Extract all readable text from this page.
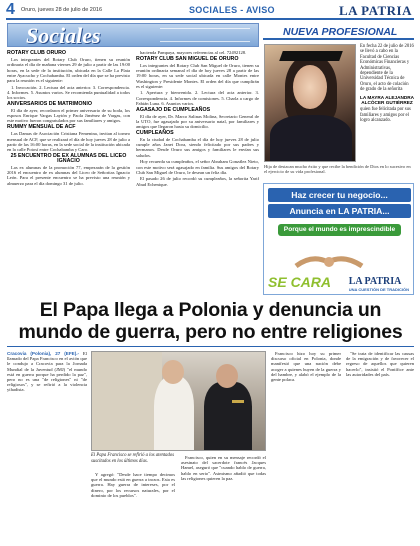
4 Oruro, jueves 28 de julio de 2016	SOCIALES - AVISO	LA PATRIA
Sociales
ROTARY CLUB ORURO

Los integrantes del Rotary Club Oruro, tienen su reunión ordinaria el día de mañana viernes 29 de julio a partir de las 19:00 horas, en la sede de la institución, ubicada en la Calle La Plata entre Ayacucho y Cochabamba. El orden del día que se ha previsto para la reunión es el siguiente:

1. Invocación. 2. Lectura del acta anterior. 3. Correspondencia. 4. Informes. 5. Asuntos varios. Se recomienda puntualidad a todos los socios.

ANIVERSARIOS DE MATRIMONIO

El día de ayer, recordaron el primer aniversario de su boda, los esposos Enrique Vargas Laytón y Paola Jiménez de Vargas, con este motivo fueron congratulados por sus familiares y amigos.

RUMMY MENSUAL DE ACF

Las Damas de Asociación Cristiana Femenina, invitan al torneo mensual de ACF, que se realizará el día de hoy jueves 28 de julio a partir de las 16:00 horas, en la sede social de la institución ubicada en la calle Potosí entre Cochabamba y Caro.

25 ENCUENTRO DE EX ALUMNAS DEL LICEO IGNACIO

Las ex alumnas de la promoción 77, empezarán de la gestión 2016 el encuentro de ex alumnas del Liceo de Señoritas Ignacio León. Para el presente encuentro se ha previsto una reunión y almuerzo para el día domingo 31 de julio.

hacienda Pampaya, mayores referencias al cel. 72492128.

ROTARY CLUB SAN MIGUEL DE ORURO

Los integrantes del Rotary Club San Miguel de Oruro, tienen su reunión ordinaria semanal el día de hoy jueves 28 a partir de las 19:00 horas, en su sede social ubicada en calle Montes entre Washington y Presidente Montes. El orden del día que cumplirán es el siguiente:

1. Apertura y bienvenida. 2. Lectura del acta anterior. 3. Correspondencia. 4. Informes de comisiones. 5. Charla a cargo de Fabián Luna. 6. Asuntos varios.

AGASAJO DE CUMPLEAÑOS

El día de ayer, Dr. Marco Salinas Molina, Secretario General de la UTO, fue agasajado por su aniversario natal, por familiares y amigos que llegaron hasta su domicilio.

CUMPLEAÑOS

En la ciudad de Cochabamba el día de hoy jueves 28 de julio cumple años Janet Dora, siendo felicitado por sus padres y hermanos. Desde Oruro sus amigos y familiares le envían sus saludos.

Hoy recuerda su cumpleaños, el señor Abraham González Nieto, con este motivo será agasajado en familia. Sus amigos del Rotary Club San Miguel de Oruro, le desean un feliz día.

El pasado 26 de julio recordó su cumpleaños, la señorita Yarif Abud Echenique.

NUEVA PROFESIONAL
En fecha 22 de julio de 2016 se llevó a cabo en la Facultad de Ciencias Económicas Financieras y Administrativas, dependiente de la Universidad Técnica de Oruro, el acto de colación de grado de la señorita
LA MAYRA ALEJANDRA ALCÓCER GUTIÉRREZ
quien fue felicitada por sus familiares y amigos por el logro alcanzado.
Hija de destacan mucho éxito y que recibe la bendición de Dios en lo sucesivo en el ejercicio de su vida profesional.
Haz crecer tu negocio...
Anuncia en LA PATRIA...
Porque el mundo es imprescindible
SE CARA LA PATRIA
UNA CUESTIÓN DE TRADICIÓN
El Papa llega a Polonia y denuncia un mundo de guerra, pero no entre religiones

Cracovia (Polonia), 27 (EFE).- El llamado del Papa Francisco en el avión que le condujo a Cracovia para la Jornada Mundial de la Juventud (JMJ) "el mundo está en guerra porque ha perdido la paz", pero no es una "de religiones" ni "de religiosos", y se refirió a la violencia yihadista.

El Papa Francisco se refirió a los atentados suscitados en los últimos días.

Y agregó: "Desde hace tiempo decimos que el mundo está en guerra a trozos. Esta es guerra. Hay guerra de intereses, por el dinero, por los recursos naturales, por el dominio de los pueblos".

Francisco, quien en su mensaje recordó el asesinato del sacerdote francés Jacques Hamel, aseguró que "cuando hablo de guerra, hablo en serio". Asimismo añadió que todas las religiones quieren la paz.

Francisco hizo hoy su primer discurso oficial en Polonia, donde manifestó que una nación debe acoger a quienes huyen de la guerra y del hambre, y alabó el ejemplo de la gente polaca.

"Se trata de identificar las causas de la emigración y de favorecer el regreso de aquellos que quieren hacerlo", insistió el Pontífice ante las autoridades del país.
